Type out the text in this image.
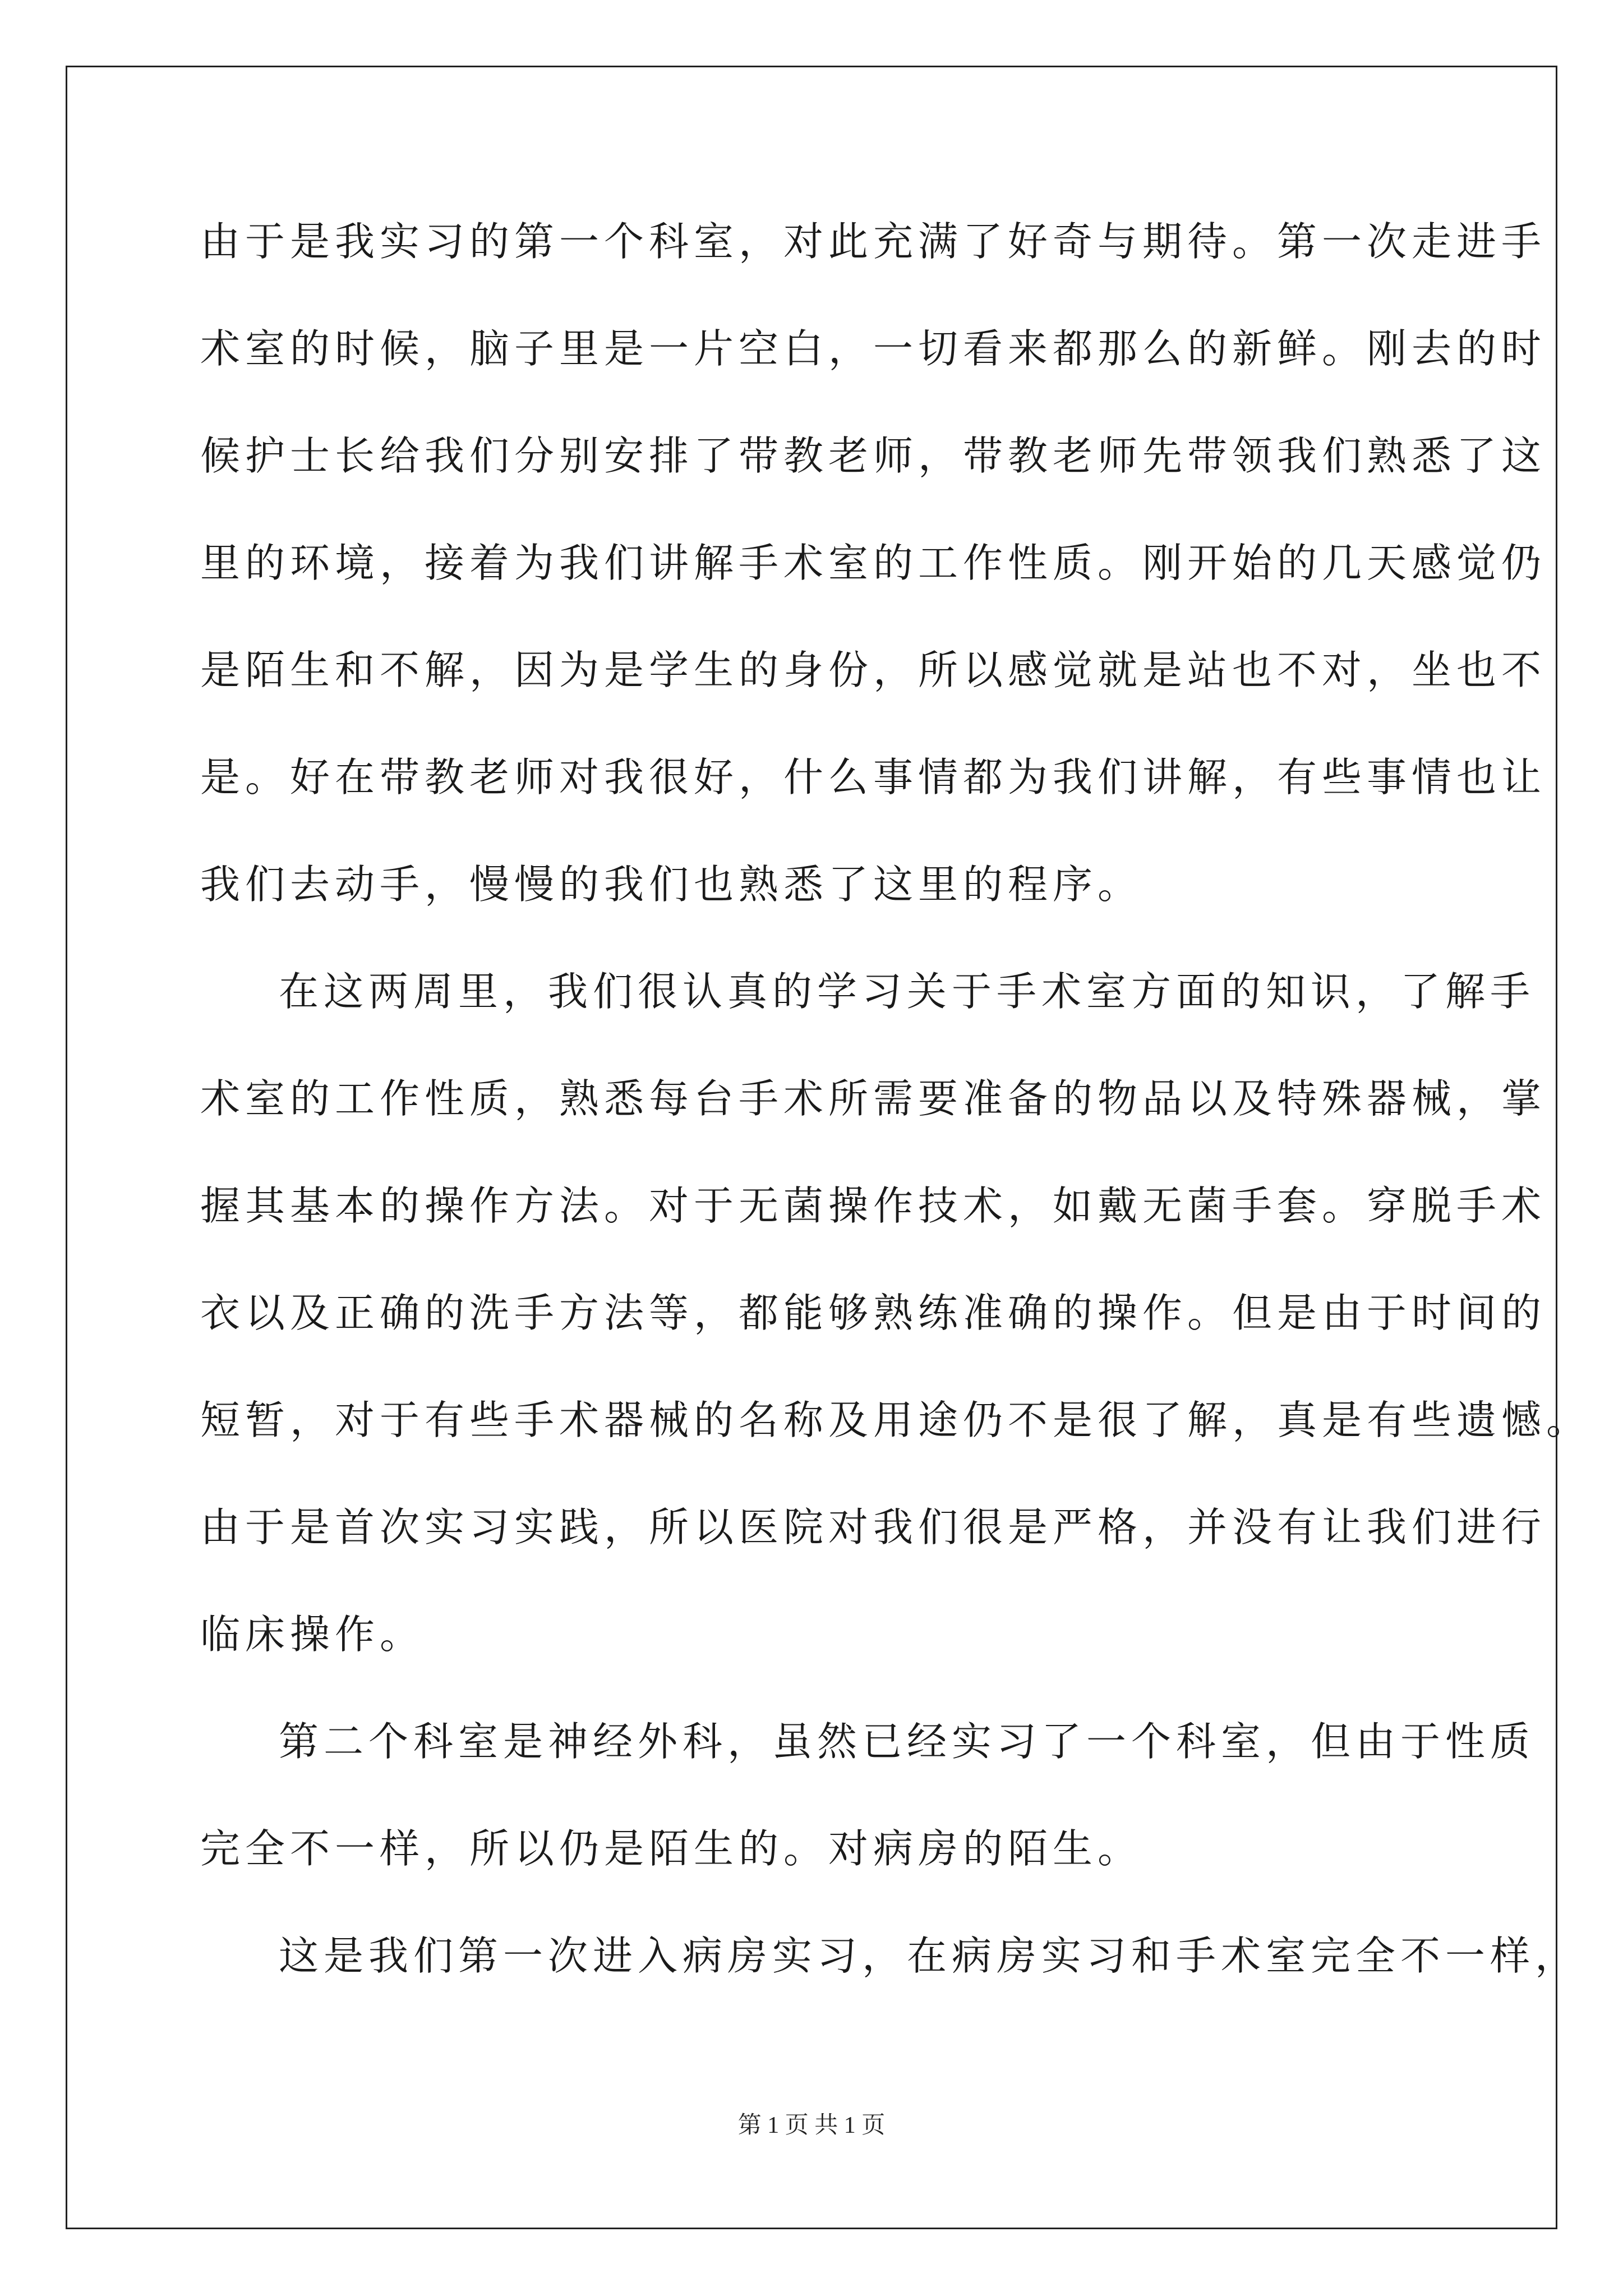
由于是我实习的第一个科室，对此充满了好奇与期待。第一次走进手
术室的时候，脑子里是一片空白，一切看来都那么的新鲜。刚去的时
候护士长给我们分别安排了带教老师，带教老师先带领我们熟悉了这
里的环境，接着为我们讲解手术室的工作性质。刚开始的几天感觉仍
是陌生和不解，因为是学生的身份，所以感觉就是站也不对，坐也不
是。好在带教老师对我很好，什么事情都为我们讲解，有些事情也让
我们去动手，慢慢的我们也熟悉了这里的程序。
在这两周里，我们很认真的学习关于手术室方面的知识，了解手
术室的工作性质，熟悉每台手术所需要准备的物品以及特殊器械，掌
握其基本的操作方法。对于无菌操作技术，如戴无菌手套。穿脱手术
衣以及正确的洗手方法等，都能够熟练准确的操作。但是由于时间的
短暂，对于有些手术器械的名称及用途仍不是很了解，真是有些遗憾。
由于是首次实习实践，所以医院对我们很是严格，并没有让我们进行
临床操作。
第二个科室是神经外科，虽然已经实习了一个科室，但由于性质
完全不一样，所以仍是陌生的。对病房的陌生。
这是我们第一次进入病房实习，在病房实习和手术室完全不一样，
第 1 页 共 1 页
